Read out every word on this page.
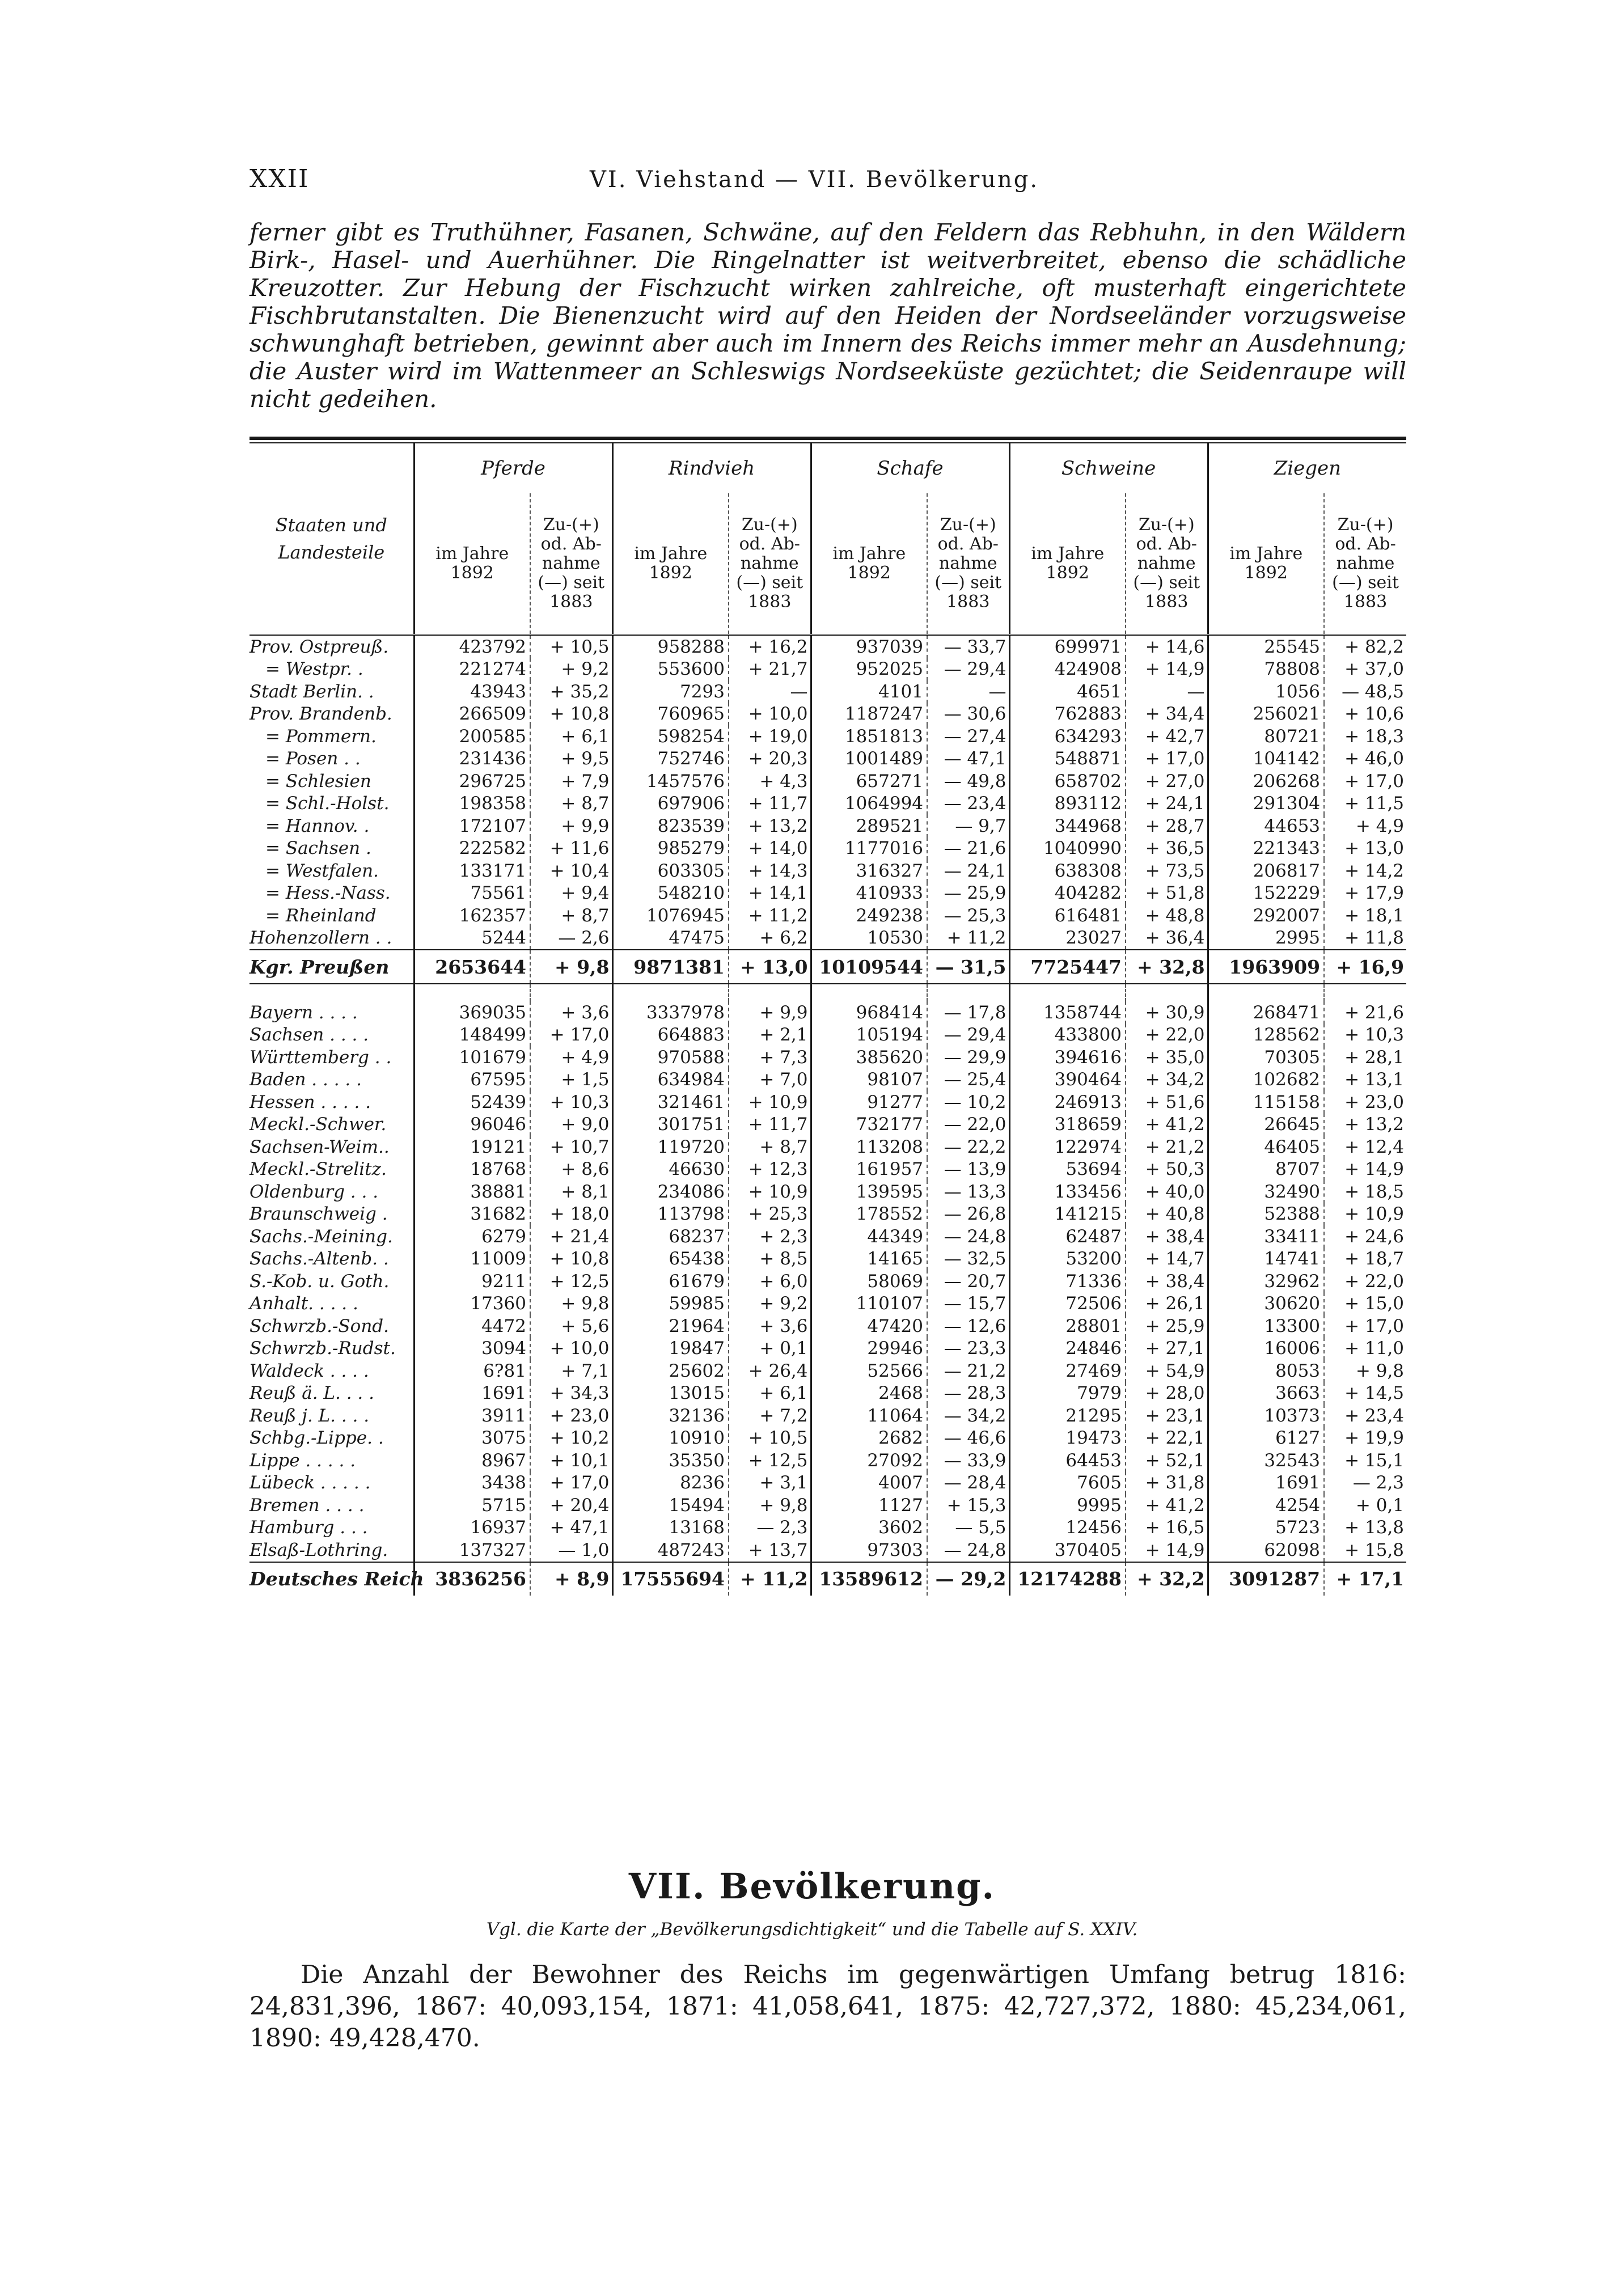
XXII	VI. Viehstand — VII. Bevölkerung.

ferner gibt es Truthühner, Fasanen, Schwäne, auf den Feldern das Rebhuhn, in den Wäldern Birk-, Hasel- und Auerhühner. Die Ringelnatter ist weitverbreitet, ebenso die schädliche Kreuzotter. Zur Hebung der Fischzucht wirken zahlreiche, oft musterhaft eingerichtete Fischbrutanstalten. Die Bienenzucht wird auf den Heiden der Nordseeländer vorzugsweise schwunghaft betrieben, gewinnt aber auch im Innern des Reichs immer mehr an Ausdehnung; die Auster wird im Wattenmeer an Schleswigs Nordseeküste gezüchtet; die Seidenraupe will nicht gedeihen.

Staaten und Landesteile	Pferde		Rindvieh		Schafe		Schweine		Ziegen	
	im Jahre 1892	Zu-(+) od. Ab-nahme (—) seit 1883	im Jahre 1892	Zu-(+) od. Ab-nahme (—) seit 1883	im Jahre 1892	Zu-(+) od. Ab-nahme (—) seit 1883	im Jahre 1892	Zu-(+) od. Ab-nahme (—) seit 1883	im Jahre 1892	Zu-(+) od. Ab-nahme (—) seit 1883
Prov. Ostpreuß.	423792	+ 10,5	958288	+ 16,2	937039	— 33,7	699971	+ 14,6	25545	+ 82,2
= Westpr. .	221274	+ 9,2	553600	+ 21,7	952025	— 29,4	424908	+ 14,9	78808	+ 37,0
Stadt Berlin. .	43943	+ 35,2	7293	—	4101	—	4651	—	1056	— 48,5
Prov. Brandenb.	266509	+ 10,8	760965	+ 10,0	1187247	— 30,6	762883	+ 34,4	256021	+ 10,6
= Pommern.	200585	+ 6,1	598254	+ 19,0	1851813	— 27,4	634293	+ 42,7	80721	+ 18,3
= Posen . .	231436	+ 9,5	752746	+ 20,3	1001489	— 47,1	548871	+ 17,0	104142	+ 46,0
= Schlesien	296725	+ 7,9	1457576	+ 4,3	657271	— 49,8	658702	+ 27,0	206268	+ 17,0
= Schl.-Holst.	198358	+ 8,7	697906	+ 11,7	1064994	— 23,4	893112	+ 24,1	291304	+ 11,5
= Hannov. .	172107	+ 9,9	823539	+ 13,2	289521	— 9,7	344968	+ 28,7	44653	+ 4,9
= Sachsen .	222582	+ 11,6	985279	+ 14,0	1177016	— 21,6	1040990	+ 36,5	221343	+ 13,0
= Westfalen.	133171	+ 10,4	603305	+ 14,3	316327	— 24,1	638308	+ 73,5	206817	+ 14,2
= Hess.-Nass.	75561	+ 9,4	548210	+ 14,1	410933	— 25,9	404282	+ 51,8	152229	+ 17,9
= Rheinland	162357	+ 8,7	1076945	+ 11,2	249238	— 25,3	616481	+ 48,8	292007	+ 18,1
Hohenzollern . .	5244	— 2,6	47475	+ 6,2	10530	+ 11,2	23027	+ 36,4	2995	+ 11,8
Kgr. Preußen	2653644	+ 9,8	9871381	+ 13,0	10109544	— 31,5	7725447	+ 32,8	1963909	+ 16,9

Bayern . . . .	369035	+ 3,6	3337978	+ 9,9	968414	— 17,8	1358744	+ 30,9	268471	+ 21,6
Sachsen . . . .	148499	+ 17,0	664883	+ 2,1	105194	— 29,4	433800	+ 22,0	128562	+ 10,3
Württemberg . .	101679	+ 4,9	970588	+ 7,3	385620	— 29,9	394616	+ 35,0	70305	+ 28,1
Baden . . . . .	67595	+ 1,5	634984	+ 7,0	98107	— 25,4	390464	+ 34,2	102682	+ 13,1
Hessen . . . . .	52439	+ 10,3	321461	+ 10,9	91277	— 10,2	246913	+ 51,6	115158	+ 23,0
Meckl.-Schwer.	96046	+ 9,0	301751	+ 11,7	732177	— 22,0	318659	+ 41,2	26645	+ 13,2
Sachsen-Weim..	19121	+ 10,7	119720	+ 8,7	113208	— 22,2	122974	+ 21,2	46405	+ 12,4
Meckl.-Strelitz.	18768	+ 8,6	46630	+ 12,3	161957	— 13,9	53694	+ 50,3	8707	+ 14,9
Oldenburg . . .	38881	+ 8,1	234086	+ 10,9	139595	— 13,3	133456	+ 40,0	32490	+ 18,5
Braunschweig .	31682	+ 18,0	113798	+ 25,3	178552	— 26,8	141215	+ 40,8	52388	+ 10,9
Sachs.-Meining.	6279	+ 21,4	68237	+ 2,3	44349	— 24,8	62487	+ 38,4	33411	+ 24,6
Sachs.-Altenb. .	11009	+ 10,8	65438	+ 8,5	14165	— 32,5	53200	+ 14,7	14741	+ 18,7
S.-Kob. u. Goth.	9211	+ 12,5	61679	+ 6,0	58069	— 20,7	71336	+ 38,4	32962	+ 22,0
Anhalt. . . . .	17360	+ 9,8	59985	+ 9,2	110107	— 15,7	72506	+ 26,1	30620	+ 15,0
Schwrzb.-Sond.	4472	+ 5,6	21964	+ 3,6	47420	— 12,6	28801	+ 25,9	13300	+ 17,0
Schwrzb.-Rudst.	3094	+ 10,0	19847	+ 0,1	29946	— 23,3	24846	+ 27,1	16006	+ 11,0
Waldeck . . . .	6?81	+ 7,1	25602	+ 26,4	52566	— 21,2	27469	+ 54,9	8053	+ 9,8
Reuß ä. L. . . .	1691	+ 34,3	13015	+ 6,1	2468	— 28,3	7979	+ 28,0	3663	+ 14,5
Reuß j. L. . . .	3911	+ 23,0	32136	+ 7,2	11064	— 34,2	21295	+ 23,1	10373	+ 23,4
Schbg.-Lippe. .	3075	+ 10,2	10910	+ 10,5	2682	— 46,6	19473	+ 22,1	6127	+ 19,9
Lippe . . . . .	8967	+ 10,1	35350	+ 12,5	27092	— 33,9	64453	+ 52,1	32543	+ 15,1
Lübeck . . . . .	3438	+ 17,0	8236	+ 3,1	4007	— 28,4	7605	+ 31,8	1691	— 2,3
Bremen . . . .	5715	+ 20,4	15494	+ 9,8	1127	+ 15,3	9995	+ 41,2	4254	+ 0,1
Hamburg . . .	16937	+ 47,1	13168	— 2,3	3602	— 5,5	12456	+ 16,5	5723	+ 13,8
Elsaß-Lothring.	137327	— 1,0	487243	+ 13,7	97303	— 24,8	370405	+ 14,9	62098	+ 15,8
Deutsches Reich	3836256	+ 8,9	17555694	+ 11,2	13589612	— 29,2	12174288	+ 32,2	3091287	+ 17,1
VII. Bevölkerung.
Vgl. die Karte der „Bevölkerungsdichtigkeit“ und die Tabelle auf S. XXIV.

Die Anzahl der Bewohner des Reichs im gegenwärtigen Umfang betrug 1816: 24,831,396, 1867: 40,093,154, 1871: 41,058,641, 1875: 42,727,372, 1880: 45,234,061, 1890: 49,428,470.
